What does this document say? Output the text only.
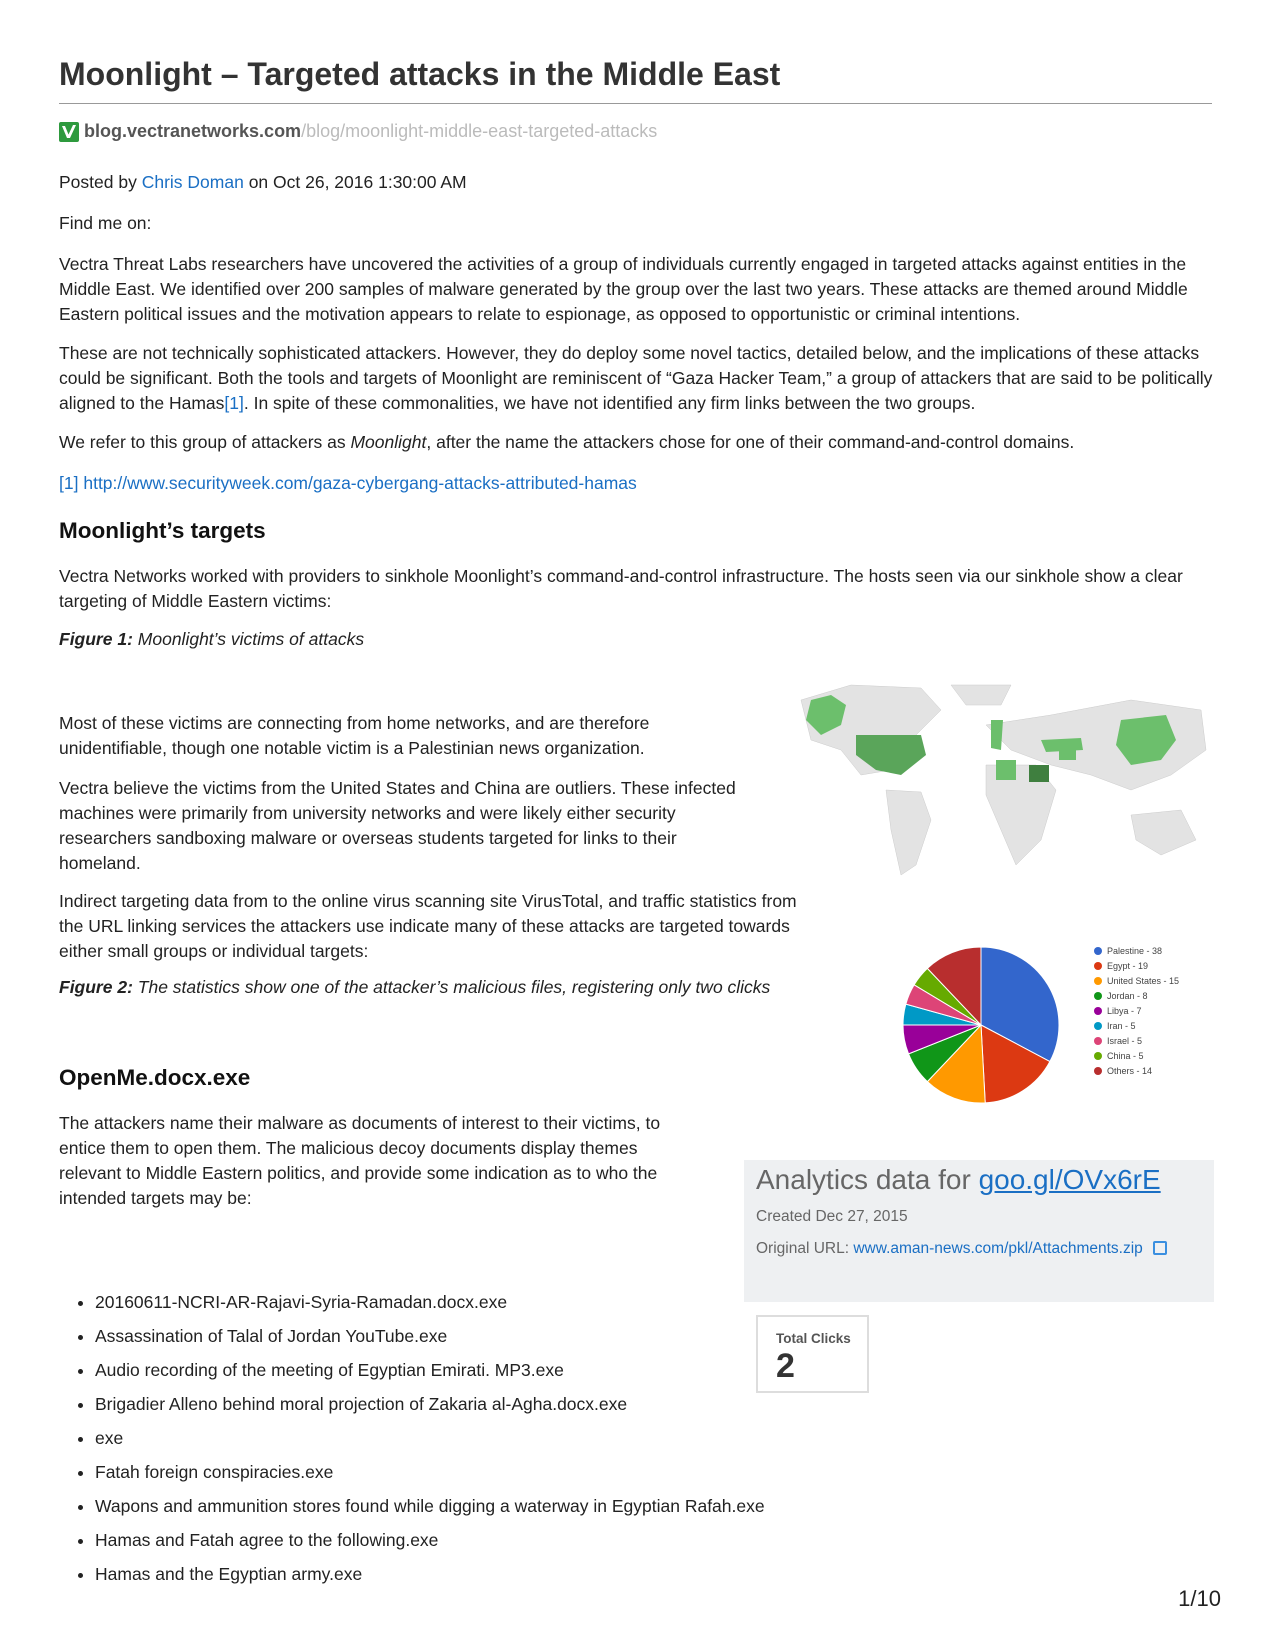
Moonlight – Targeted attacks in the Middle East
blog.vectranetworks.com /blog/moonlight-middle-east-targeted-attacks

Posted by Chris Doman on Oct 26, 2016 1:30:00 AM

Find me on:

Vectra Threat Labs researchers have uncovered the activities of a group of individuals currently engaged in targeted attacks against entities in the Middle East. We identified over 200 samples of malware generated by the group over the last two years. These attacks are themed around Middle Eastern political issues and the motivation appears to relate to espionage, as opposed to opportunistic or criminal intentions.

These are not technically sophisticated attackers. However, they do deploy some novel tactics, detailed below, and the implications of these attacks could be significant. Both the tools and targets of Moonlight are reminiscent of “Gaza Hacker Team,” a group of attackers that are said to be politically aligned to the Hamas[1]. In spite of these commonalities, we have not identified any firm links between the two groups.

We refer to this group of attackers as Moonlight, after the name the attackers chose for one of their command-and-control domains.

[1] http://www.securityweek.com/gaza-cybergang-attacks-attributed-hamas

Moonlight’s targets

Vectra Networks worked with providers to sinkhole Moonlight’s command-and-control infrastructure. The hosts seen via our sinkhole show a clear targeting of Middle Eastern victims:

Figure 1: Moonlight’s victims of attacks

Most of these victims are connecting from home networks, and are therefore unidentifiable, though one notable victim is a Palestinian news organization.

Vectra believe the victims from the United States and China are outliers. These infected machines were primarily from university networks and were likely either security researchers sandboxing malware or overseas students targeted for links to their homeland.

Indirect targeting data from to the online virus scanning site VirusTotal, and traffic statistics from the URL linking services the attackers use indicate many of these attacks are targeted towards either small groups or individual targets:

Figure 2: The statistics show one of the attacker’s malicious files, registering only two clicks

OpenMe.docx.exe

The attackers name their malware as documents of interest to their victims, to entice them to open them. The malicious decoy documents display themes relevant to Middle Eastern politics, and provide some indication as to who the intended targets may be:

• 20160611-NCRI-AR-Rajavi-Syria-Ramadan.docx.exe
• Assassination of Talal of Jordan YouTube.exe
• Audio recording of the meeting of Egyptian Emirati. MP3.exe
• Brigadier Alleno behind moral projection of Zakaria al-Agha.docx.exe
• exe
• Fatah foreign conspiracies.exe
• Wapons and ammunition stores found while digging a waterway in Egyptian Rafah.exe
• Hamas and Fatah agree to the following.exe
• Hamas and the Egyptian army.exe
Palestine - 38
Egypt - 19
United States - 15
Jordan - 8
Libya - 7
Iran - 5
Israel - 5
China - 5
Others - 14
Analytics data for goo.gl/OVx6rE
Created Dec 27, 2015
Original URL: www.aman-news.com/pkl/Attachments.zip
Total Clicks
2
1/10
